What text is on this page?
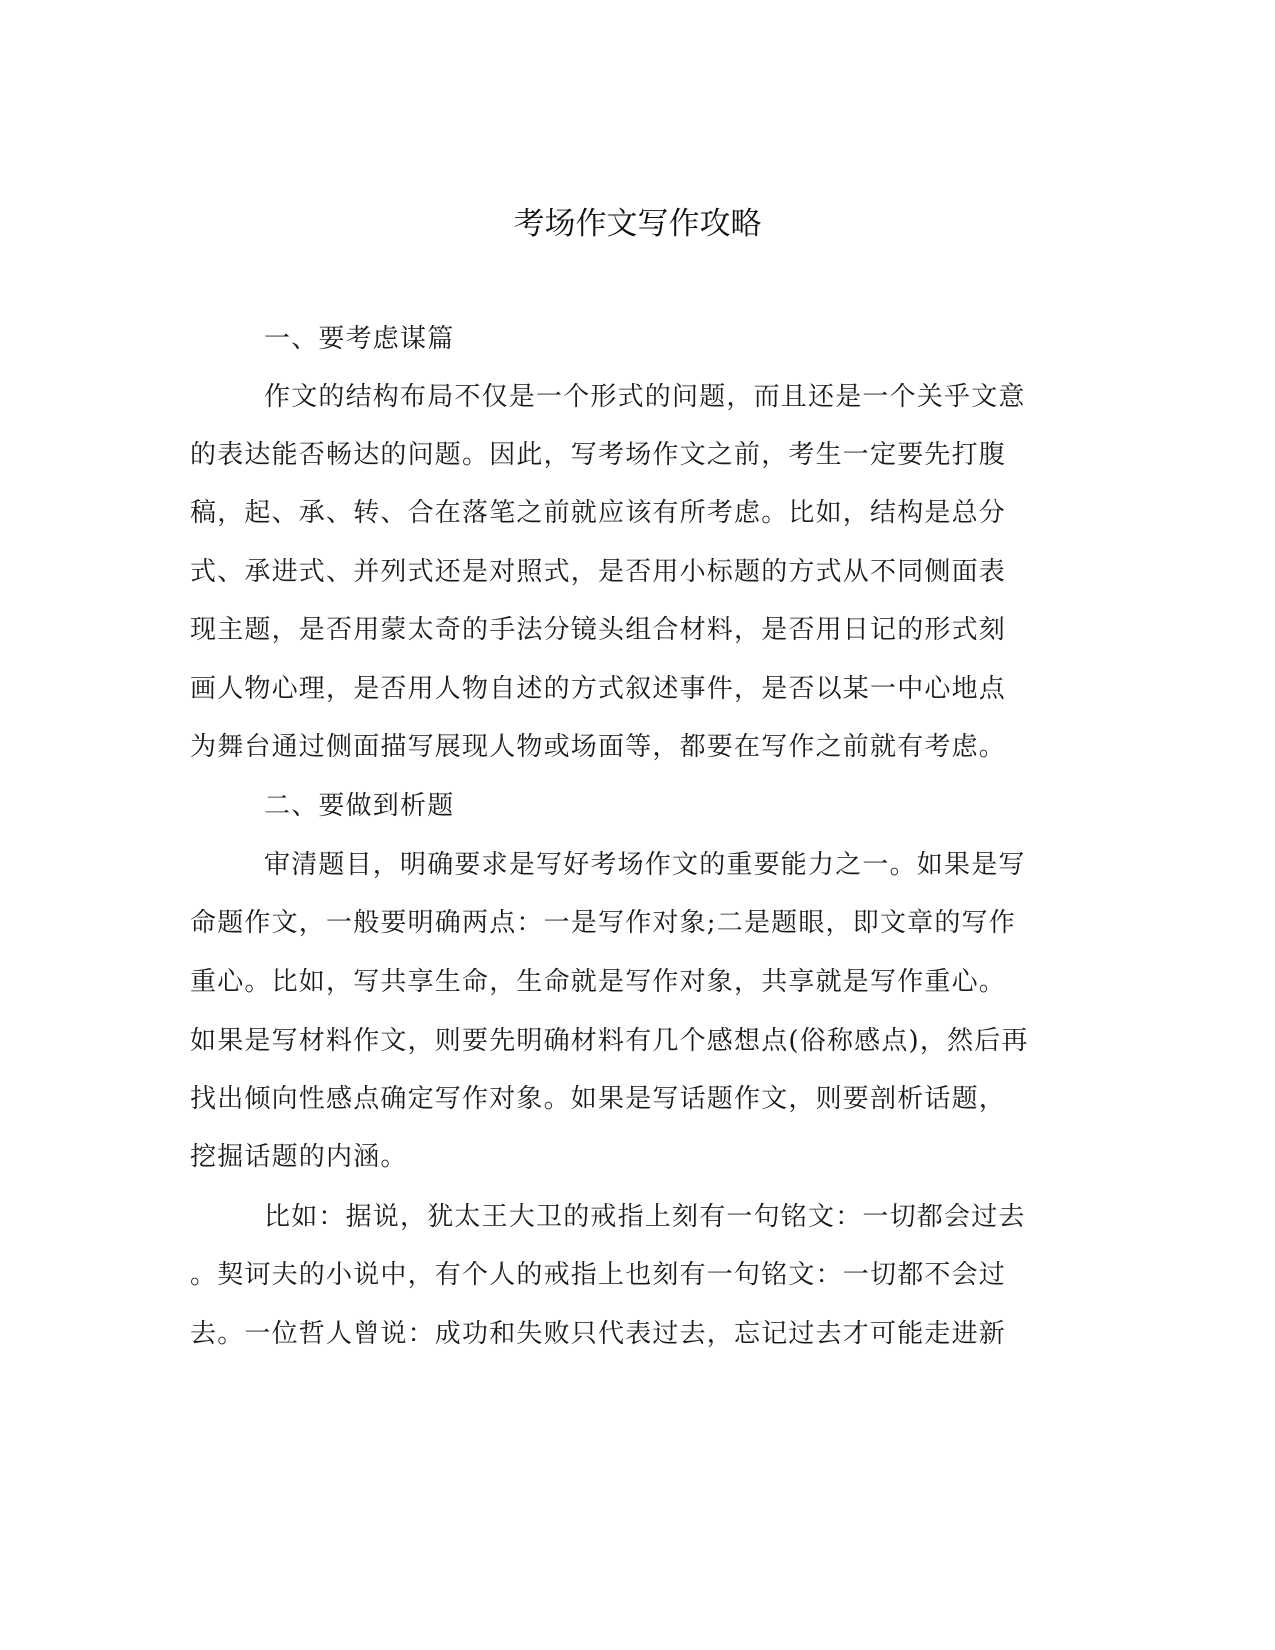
考场作文写作攻略
一、要考虑谋篇
作文的结构布局不仅是一个形式的问题，而且还是一个关乎文意
的表达能否畅达的问题。因此，写考场作文之前，考生一定要先打腹
稿，起、承、转、合在落笔之前就应该有所考虑。比如，结构是总分
式、承进式、并列式还是对照式，是否用小标题的方式从不同侧面表
现主题，是否用蒙太奇的手法分镜头组合材料，是否用日记的形式刻
画人物心理，是否用人物自述的方式叙述事件，是否以某一中心地点
为舞台通过侧面描写展现人物或场面等，都要在写作之前就有考虑。
二、要做到析题
审清题目，明确要求是写好考场作文的重要能力之一。如果是写
命题作文，一般要明确两点：一是写作对象;二是题眼，即文章的写作
重心。比如，写共享生命，生命就是写作对象，共享就是写作重心。
如果是写材料作文，则要先明确材料有几个感想点(俗称感点)，然后再
找出倾向性感点确定写作对象。如果是写话题作文，则要剖析话题，
挖掘话题的内涵。
比如：据说，犹太王大卫的戒指上刻有一句铭文：一切都会过去
。契诃夫的小说中，有个人的戒指上也刻有一句铭文：一切都不会过
去。一位哲人曾说：成功和失败只代表过去，忘记过去才可能走进新
